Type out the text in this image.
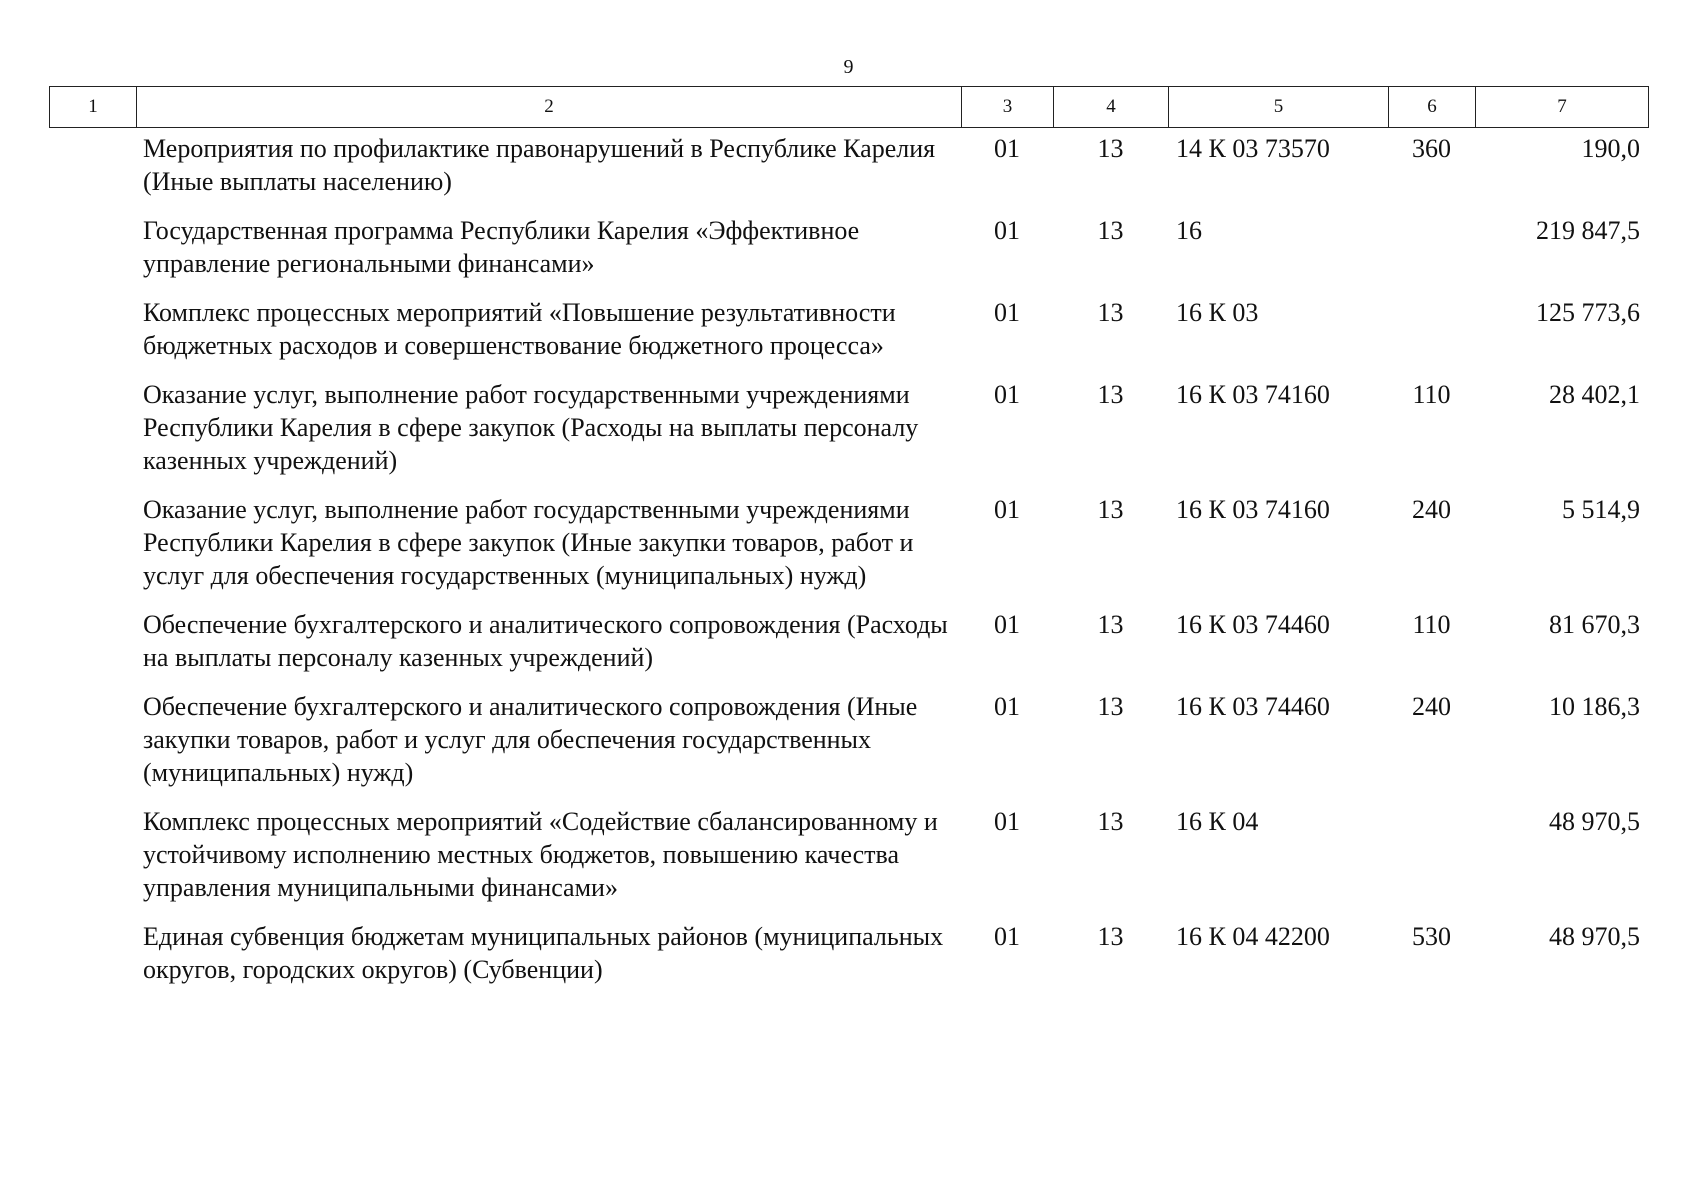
9
1	2	3	4	5	6	7
Мероприятия по профилактике правонарушений в Республике Карелия (Иные выплаты населению)	01	13	14 К 03 73570	360	190,0
Государственная программа Республики Карелия «Эффективное управление региональными финансами»	01	13	16		219 847,5
Комплекс процессных мероприятий «Повышение результативности бюджетных расходов и совершенствование бюджетного процесса»	01	13	16 К 03		125 773,6
Оказание услуг, выполнение работ государственными учреждениями Республики Карелия в сфере закупок (Расходы на выплаты персоналу казенных учреждений)	01	13	16 К 03 74160	110	28 402,1
Оказание услуг, выполнение работ государственными учреждениями Республики Карелия в сфере закупок (Иные закупки товаров, работ и услуг для обеспечения государственных (муниципальных) нужд)	01	13	16 К 03 74160	240	5 514,9
Обеспечение бухгалтерского и аналитического сопровождения (Расходы на выплаты персоналу казенных учреждений)	01	13	16 К 03 74460	110	81 670,3
Обеспечение бухгалтерского и аналитического сопровождения (Иные закупки товаров, работ и услуг для обеспечения государственных (муниципальных) нужд)	01	13	16 К 03 74460	240	10 186,3
Комплекс процессных мероприятий «Содействие сбалансированному и устойчивому исполнению местных бюджетов, повышению качества управления муниципальными финансами»	01	13	16 К 04		48 970,5
Единая субвенция бюджетам муниципальных районов (муниципальных округов, городских округов) (Субвенции)	01	13	16 К 04 42200	530	48 970,5
